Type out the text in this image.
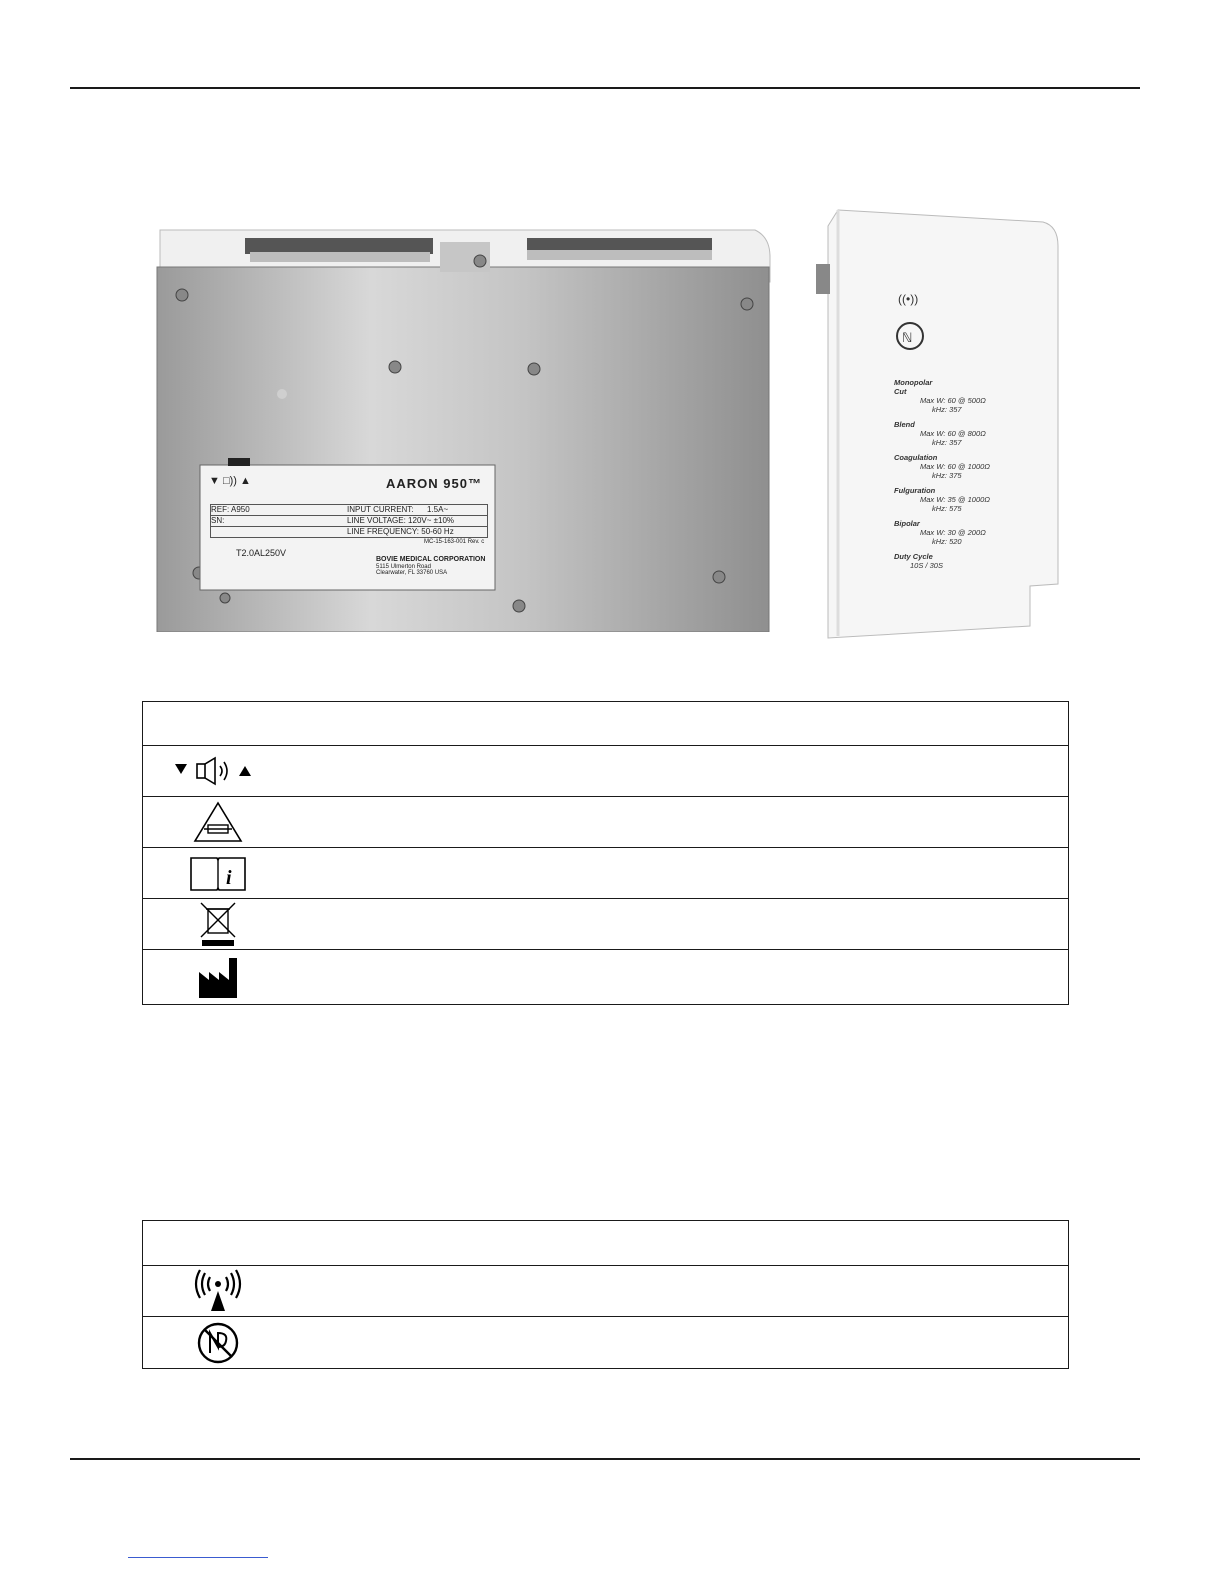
▼ □)) ▲	AARON 950™
REF: A950	INPUT CURRENT:	1.5A~
SN:	LINE VOLTAGE: 120V~ ±10%
LINE FREQUENCY: 50-60 Hz
MC-15-163-001 Rev. c
T2.0AL250V
BOVIE MEDICAL CORPORATION
5115 Ulmerton Road
Clearwater, FL 33760 USA
ℕ
((•))
Monopolar
Cut
Max W: 60 @ 500Ω
kHz: 357
Blend
Max W: 60 @ 800Ω
kHz: 357
Coagulation
Max W: 60 @ 1000Ω
kHz: 375
Fulguration
Max W: 35 @ 1000Ω
kHz: 575
Bipolar
Max W: 30 @ 200Ω
kHz: 520
Duty Cycle
10S / 30S
i
